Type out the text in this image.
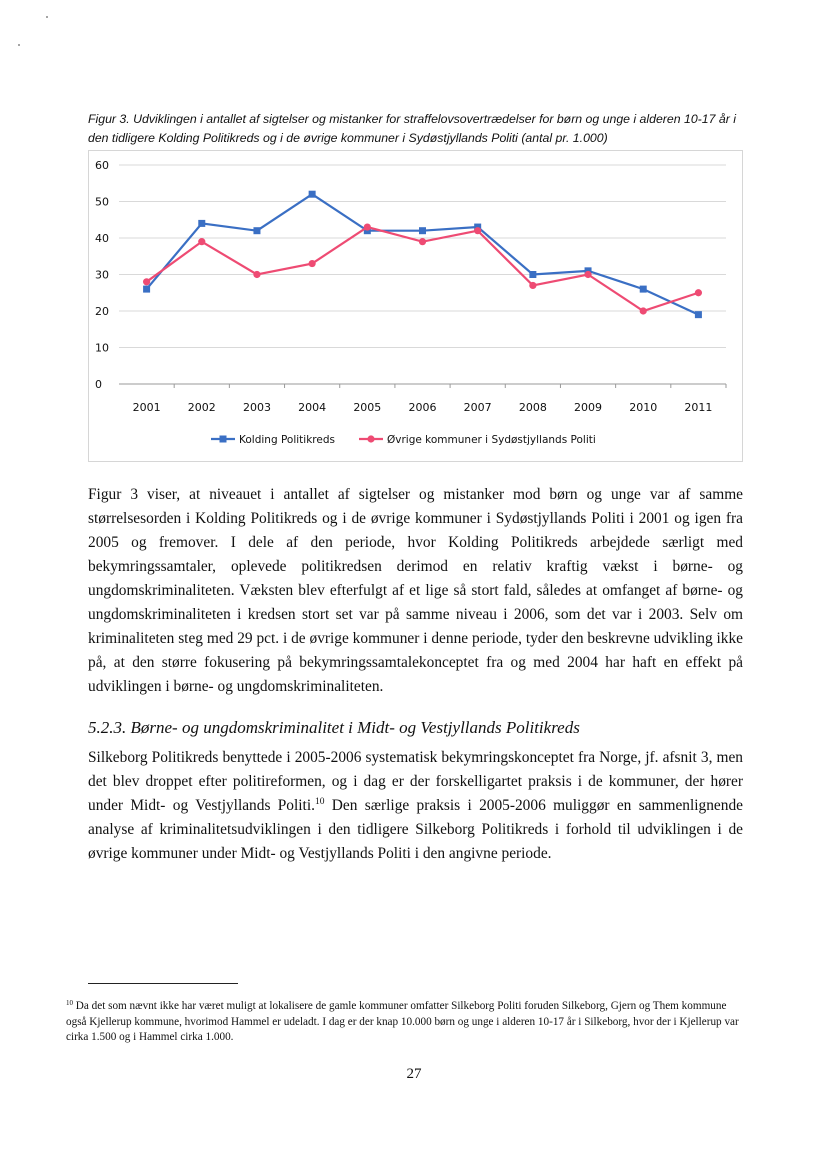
Figur 3. Udviklingen i antallet af sigtelser og mistanker for straffelovsovertrædelser for børn og unge i alderen 10-17 år i den tidligere Kolding Politikreds og i de øvrige kommuner i Sydøstjyllands Politi (antal pr. 1.000)
0
10
20
30
40
50
60
2001 2002 2003 2004 2005 2006 2007 2008 2009 2010 2011
Kolding Politikreds	Øvrige kommuner i Sydøstjyllands Politi
Figur 3 viser, at niveauet i antallet af sigtelser og mistanker mod børn og unge var af samme størrelsesorden i Kolding Politikreds og i de øvrige kommuner i Sydøstjyllands Politi i 2001 og igen fra 2005 og fremover. I dele af den periode, hvor Kolding Politikreds arbejdede særligt med bekymringssamtaler, oplevede politikredsen derimod en relativ kraftig vækst i børne- og ungdomskriminaliteten. Væksten blev efterfulgt af et lige så stort fald, således at omfanget af børne- og ungdomskriminaliteten i kredsen stort set var på samme niveau i 2006, som det var i 2003. Selv om kriminaliteten steg med 29 pct. i de øvrige kommuner i denne periode, tyder den beskrevne udvikling ikke på, at den større fokusering på bekymringssamtalekonceptet fra og med 2004 har haft en effekt på udviklingen i børne- og ungdomskriminaliteten.
5.2.3. Børne- og ungdomskriminalitet i Midt- og Vestjyllands Politikreds
Silkeborg Politikreds benyttede i 2005-2006 systematisk bekymringskonceptet fra Norge, jf. afsnit 3, men det blev droppet efter politireformen, og i dag er der forskelligartet praksis i de kommuner, der hører under Midt- og Vestjyllands Politi.$^{10}$ Den særlige praksis i 2005-2006 muliggør en sammenlignende analyse af kriminalitetsudviklingen i den tidligere Silkeborg Politikreds i forhold til udviklingen i de øvrige kommuner under Midt- og Vestjyllands Politi i den angivne periode.
$^{10}$ Da det som nævnt ikke har været muligt at lokalisere de gamle kommuner omfatter Silkeborg Politi foruden Silkeborg, Gjern og Them kommune også Kjellerup kommune, hvorimod Hammel er udeladt. I dag er der knap 10.000 børn og unge i alderen 10-17 år i Silkeborg, hvor der i Kjellerup var cirka 1.500 og i Hammel cirka 1.000.
27
